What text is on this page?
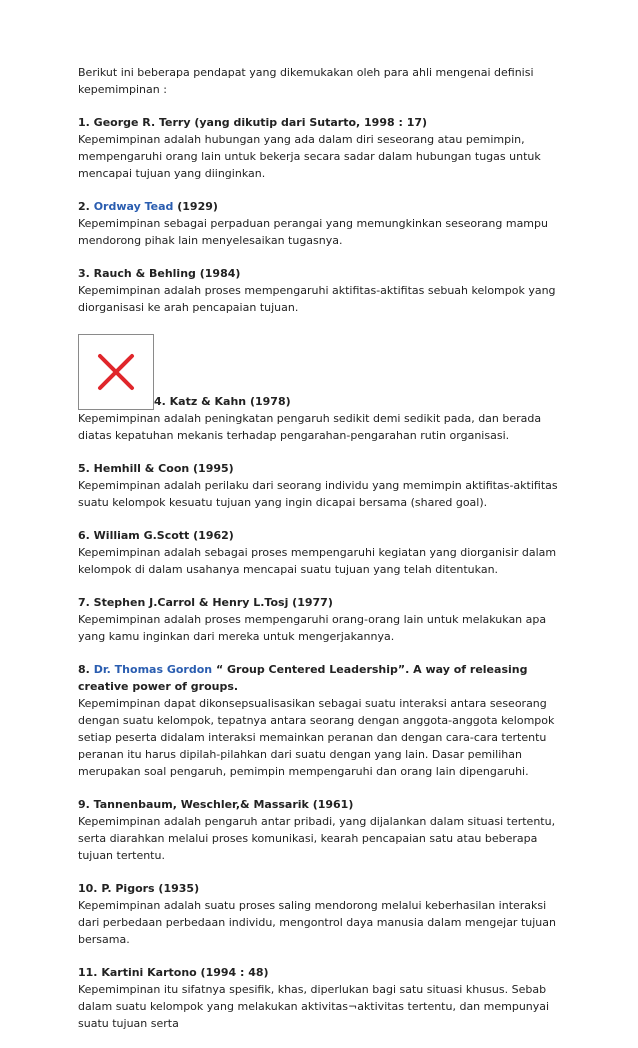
Berikut ini beberapa pendapat yang dikemukakan oleh para ahli mengenai definisi kepemimpinan :

1. George R. Terry (yang dikutip dari Sutarto, 1998 : 17)

Kepemimpinan adalah hubungan yang ada dalam diri seseorang atau pemimpin, mempengaruhi orang lain untuk bekerja secara sadar dalam hubungan tugas untuk mencapai tujuan yang diinginkan.

2. Ordway Tead (1929)

Kepemimpinan sebagai perpaduan perangai yang memungkinkan seseorang mampu mendorong pihak lain menyelesaikan tugasnya.

3. Rauch & Behling (1984)

Kepemimpinan adalah proses mempengaruhi aktifitas-aktifitas sebuah kelompok yang diorganisasi ke arah pencapaian tujuan.

4. Katz & Kahn (1978)

Kepemimpinan adalah peningkatan pengaruh sedikit demi sedikit pada, dan berada diatas kepatuhan mekanis terhadap pengarahan-pengarahan rutin organisasi.

5. Hemhill & Coon (1995)

Kepemimpinan adalah perilaku dari seorang individu yang memimpin aktifitas-aktifitas suatu kelompok kesuatu tujuan yang ingin dicapai bersama (shared goal).

6. William G.Scott (1962)

Kepemimpinan adalah sebagai proses mempengaruhi kegiatan yang diorganisir dalam kelompok di dalam usahanya mencapai suatu tujuan yang telah ditentukan.

7. Stephen J.Carrol & Henry L.Tosj (1977)

Kepemimpinan adalah proses mempengaruhi orang-orang lain untuk melakukan apa yang kamu inginkan dari mereka untuk mengerjakannya.

8. Dr. Thomas Gordon “ Group Centered Leadership”. A way of releasing creative power of groups.

Kepemimpinan dapat dikonsepsualisasikan sebagai suatu interaksi antara seseorang dengan suatu kelompok, tepatnya antara seorang dengan anggota-anggota kelompok setiap peserta didalam interaksi memainkan peranan dan dengan cara-cara tertentu peranan itu harus dipilah-pilahkan dari suatu dengan yang lain. Dasar pemilihan merupakan soal pengaruh, pemimpin mempengaruhi dan orang lain dipengaruhi.

9. Tannenbaum, Weschler,& Massarik (1961)

Kepemimpinan adalah pengaruh antar pribadi, yang dijalankan dalam situasi tertentu, serta diarahkan melalui proses komunikasi, kearah pencapaian satu atau beberapa tujuan tertentu.

10. P. Pigors (1935)

Kepemimpinan adalah suatu proses saling mendorong melalui keberhasilan interaksi dari perbedaan perbedaan individu, mengontrol daya manusia dalam mengejar tujuan bersama.

11. Kartini Kartono (1994 : 48)

Kepemimpinan itu sifatnya spesifik, khas, diperlukan bagi satu situasi khusus. Sebab dalam suatu kelompok yang melakukan aktivitas¬aktivitas tertentu, dan mempunyai suatu tujuan serta
